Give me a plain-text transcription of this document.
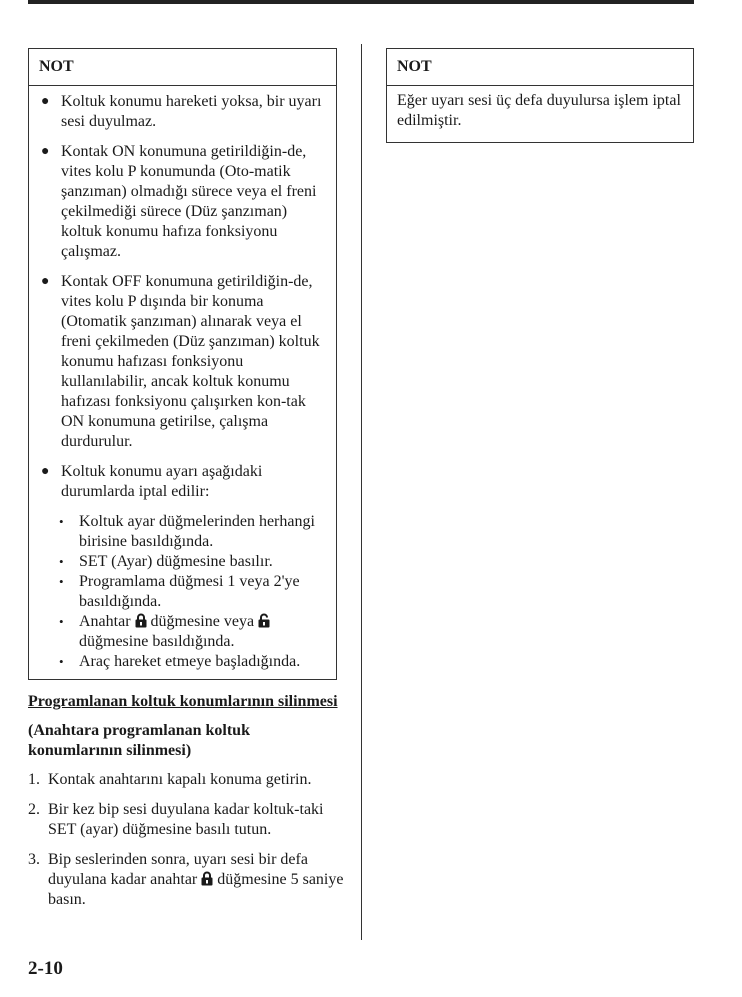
NOT
● Koltuk konumu hareketi yoksa, bir uyarı sesi duyulmaz.
● Kontak ON konumuna getirildiğin-de, vites kolu P konumunda (Oto-matik şanzıman) olmadığı sürece veya el freni çekilmediği sürece (Düz şanzıman) koltuk konumu hafıza fonksiyonu çalışmaz.
● Kontak OFF konumuna getirildiğin-de, vites kolu P dışında bir konuma (Otomatik şanzıman) alınarak veya el freni çekilmeden (Düz şanzıman) koltuk konumu hafızası fonksiyonu kullanılabilir, ancak koltuk konumu hafızası fonksiyonu çalışırken kon-tak ON konumuna getirilse, çalışma durdurulur.
● Koltuk konumu ayarı aşağıdaki durumlarda iptal edilir:
• Koltuk ayar düğmelerinden herhangi birisine basıldığında.
• SET (Ayar) düğmesine basılır.
• Programlama düğmesi 1 veya 2'ye basıldığında.
• Anahtar düğmesine veya  düğmesine basıldığında.
• Araç hareket etmeye başladığında.

Programlanan koltuk konumlarının silinmesi

(Anahtara programlanan koltuk konumlarının silinmesi)

1. Kontak anahtarını kapalı konuma getirin.
2. Bir kez bip sesi duyulana kadar koltuk-taki SET (ayar) düğmesine basılı tutun.
3. Bip seslerinden sonra, uyarı sesi bir defa duyulana kadar anahtar düğmesine 5 saniye basın.
NOT
Eğer uyarı sesi üç defa duyulursa işlem iptal edilmiştir.
2-10
